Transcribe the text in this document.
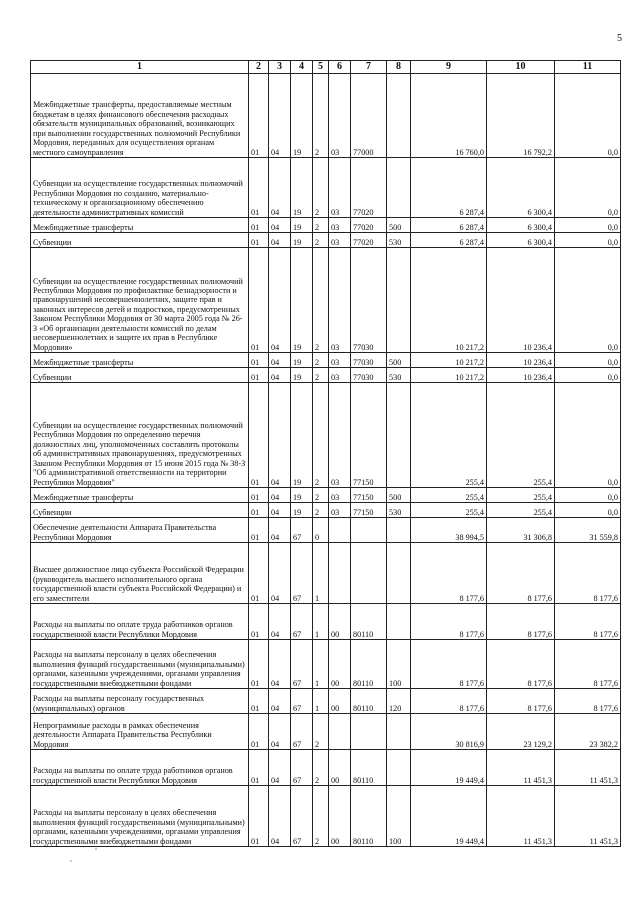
5
1	2	3	4	5	6	7	8	9	10	11
Межбюджетные трансферты, предоставляемые местным бюджетам в целях финансового обеспечения расходных обязательств муниципальных образований, возникающих при выполнении государственных полномочий Республики Мордовия, переданных для осуществления органам местного самоуправления	01	04	19	2	03	77000		16 760,0	16 792,2	0,0
Субвенции на осуществление государственных полномочий Республики Мордовия по созданию, материально-техническому и организационному обеспечению деятельности административных комиссий	01	04	19	2	03	77020		6 287,4	6 300,4	0,0
Межбюджетные трансферты	01	04	19	2	03	77020	500	6 287,4	6 300,4	0,0
Субвенции	01	04	19	2	03	77020	530	6 287,4	6 300,4	0,0
Субвенции на осуществление государственных полномочий Республики Мордовия по профилактике безнадзорности и правонарушений несовершеннолетних, защите прав и законных интересов детей и подростков, предусмотренных Законом Республики Мордовия от 30 марта 2005 года № 26-З «Об организации деятельности комиссий по делам несовершеннолетних и защите их прав в Республике Мордовия»	01	04	19	2	03	77030		10 217,2	10 236,4	0,0
Межбюджетные трансферты	01	04	19	2	03	77030	500	10 217,2	10 236,4	0,0
Субвенции	01	04	19	2	03	77030	530	10 217,2	10 236,4	0,0
Субвенции на осуществление государственных полномочий Республики Мордовия по определению перечня должностных лиц, уполномоченных составлять протоколы об административных правонарушениях, предусмотренных Законом Республики Мордовия от 15 июня 2015 года № 38-З "Об административной ответственности на территории Республики Мордовия"	01	04	19	2	03	77150		255,4	255,4	0,0
Межбюджетные трансферты	01	04	19	2	03	77150	500	255,4	255,4	0,0
Субвенции	01	04	19	2	03	77150	530	255,4	255,4	0,0
Обеспечение деятельности Аппарата Правительства Республики Мордовия	01	04	67	0				38 994,5	31 306,8	31 559,8
Высшее должностное лицо субъекта Российской Федерации (руководитель высшего исполнительного органа государственной власти субъекта Российской Федерации) и его заместители	01	04	67	1				8 177,6	8 177,6	8 177,6
Расходы на выплаты по оплате труда работников органов государственной власти Республики Мордовия	01	04	67	1	00	80110		8 177,6	8 177,6	8 177,6
Расходы на выплаты персоналу в целях обеспечения выполнения функций государственными (муниципальными) органами, казенными учреждениями, органами управления государственными внебюджетными фондами	01	04	67	1	00	80110	100	8 177,6	8 177,6	8 177,6
Расходы на выплаты персоналу государственных (муниципальных) органов	01	04	67	1	00	80110	120	8 177,6	8 177,6	8 177,6
Непрограммные расходы в рамках обеспечения деятельности Аппарата Правительства Республики Мордовия	01	04	67	2				30 816,9	23 129,2	23 382,2
Расходы на выплаты по оплате труда работников органов государственной власти Республики Мордовия	01	04	67	2	00	80110		19 449,4	11 451,3	11 451,3
Расходы на выплаты персоналу в целях обеспечения выполнения функций государственными (муниципальными) органами, казенными учреждениями, органами управления государственными внебюджетными фондами	01	04	67	2	00	80110	100	19 449,4	11 451,3	11 451,3
